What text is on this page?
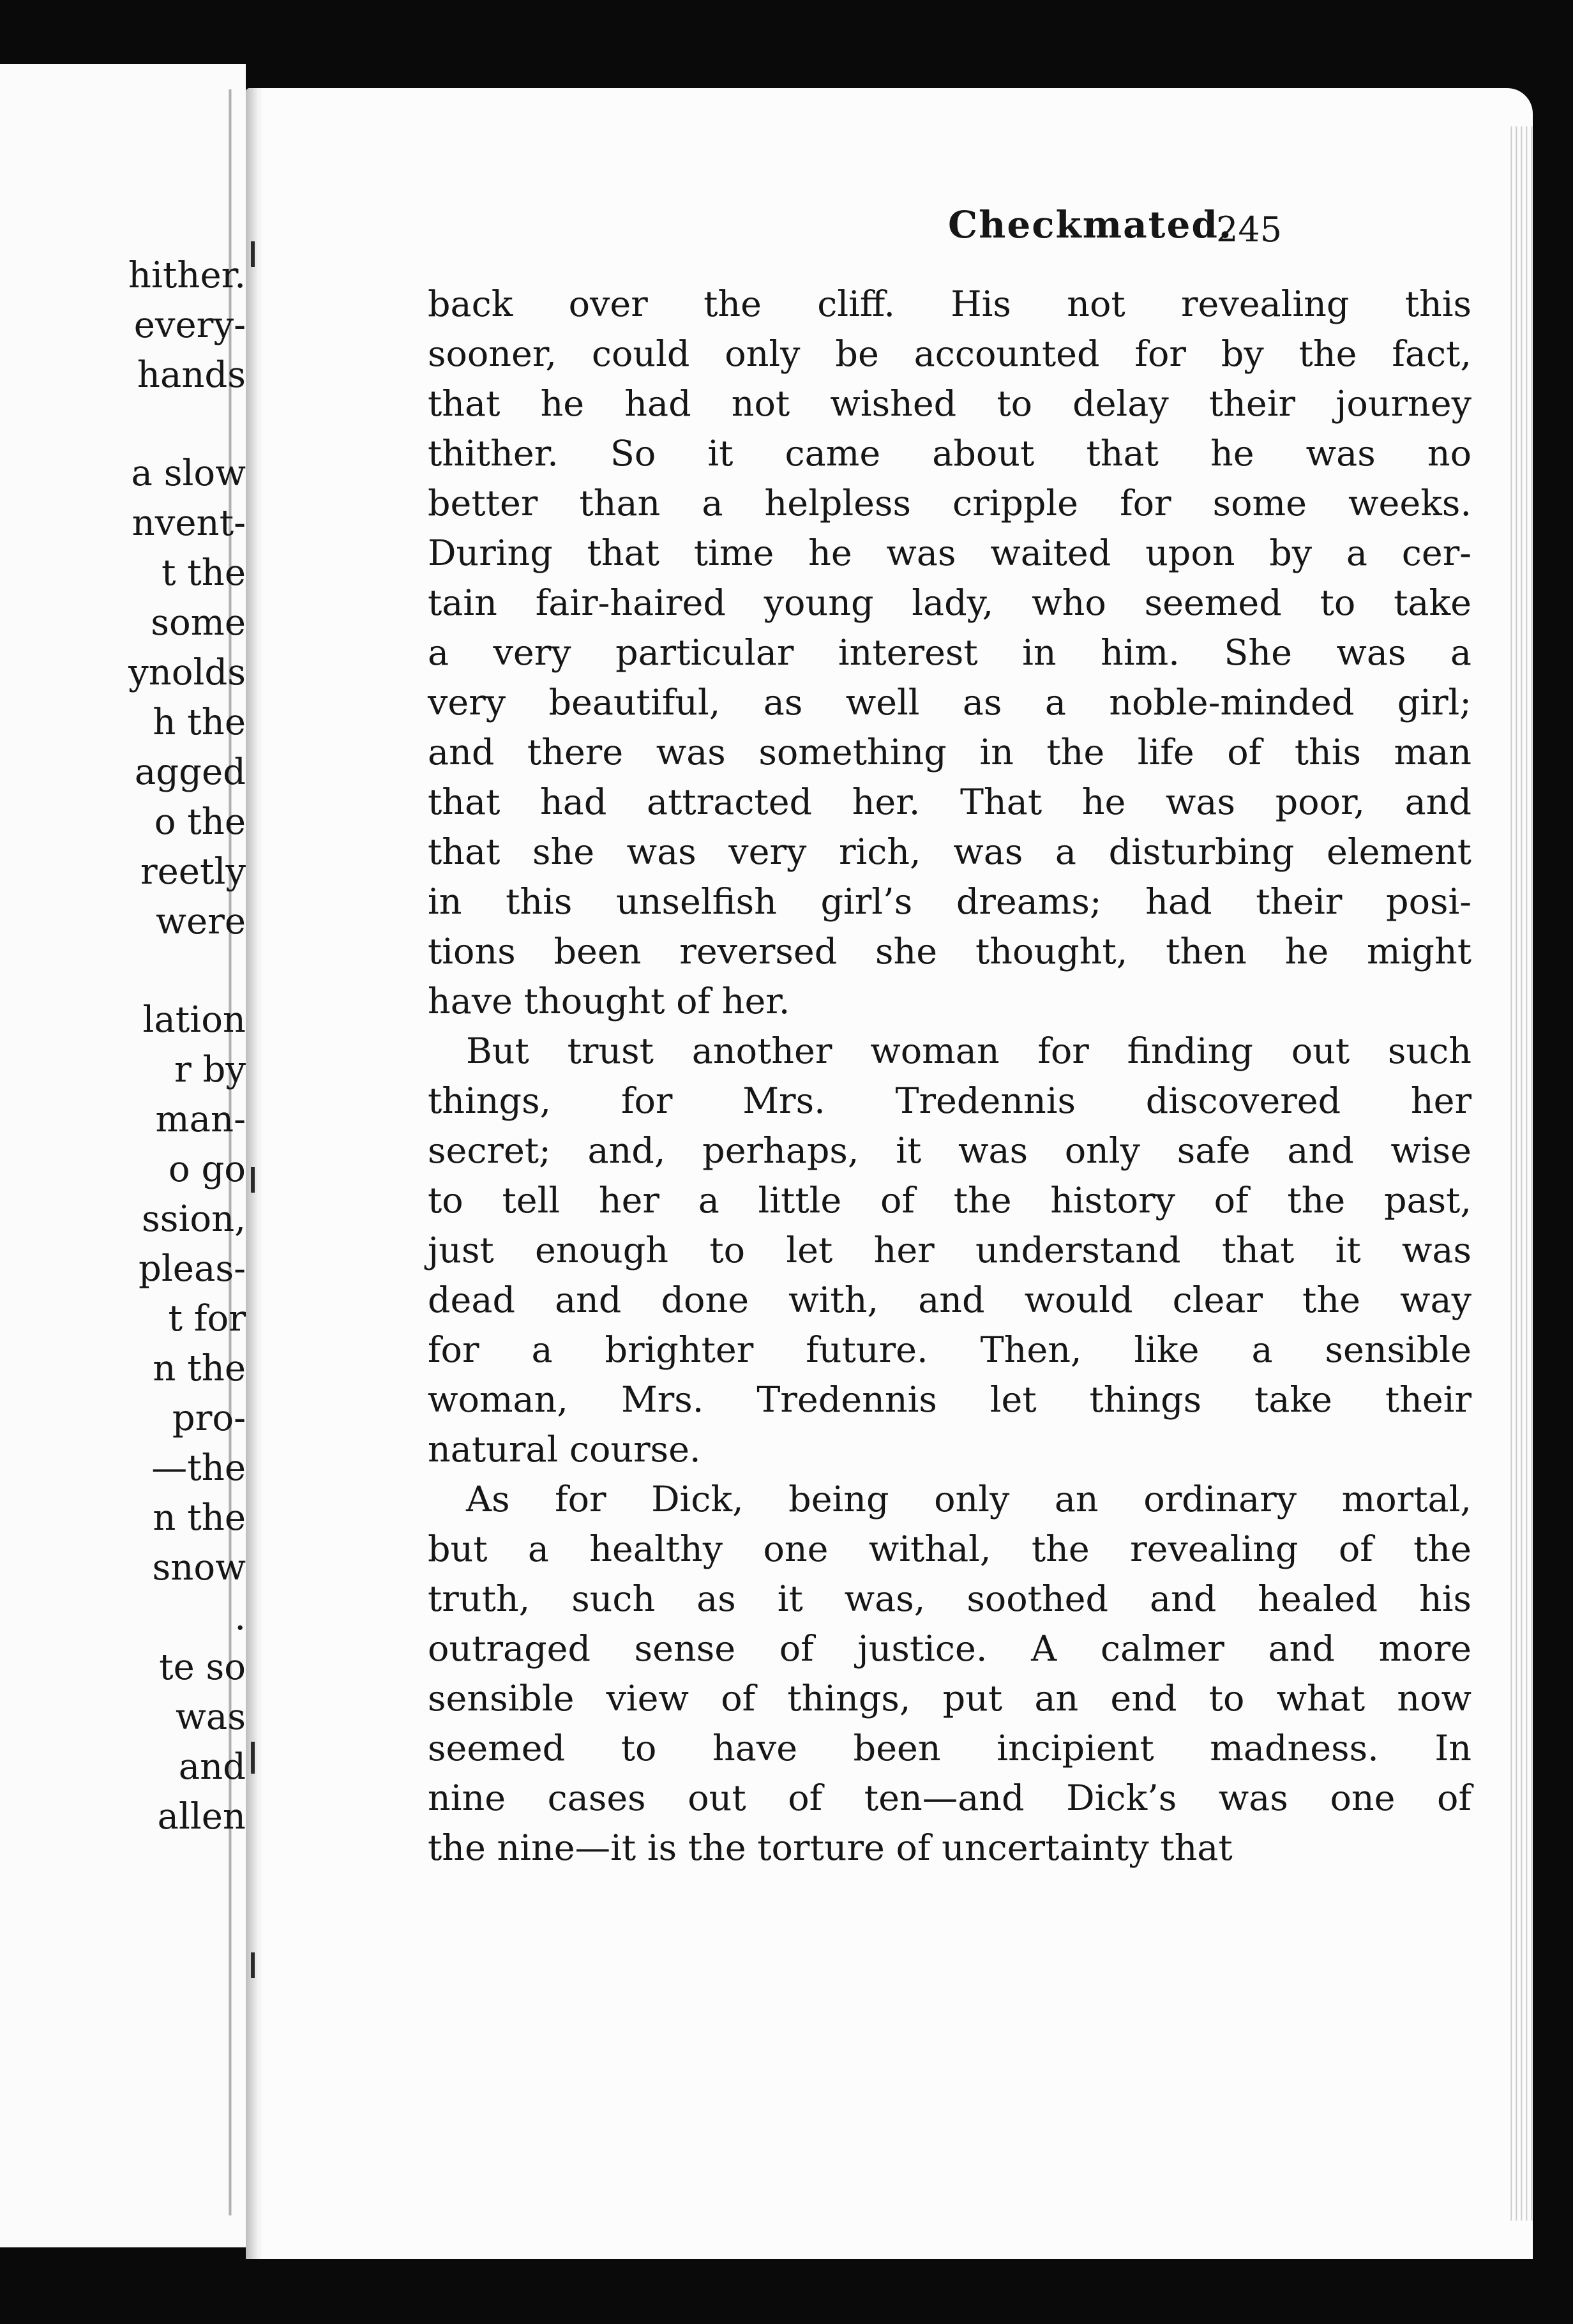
hither.
every-
hands
a slow
nvent-
t the
some
ynolds
h the
agged
o the
reetly
were
lation
r by
man-
o go
ssion,
pleas-
t for
n the
pro-
—the
n the
snow
.
te so
was
and
allen
Checkmated.
245
back over the cliff. His not revealing this
sooner, could only be accounted for by the fact,
that he had not wished to delay their journey
thither. So it came about that he was no
better than a helpless cripple for some weeks.
During that time he was waited upon by a cer-
tain fair-haired young lady, who seemed to take
a very particular interest in him. She was a
very beautiful, as well as a noble-minded girl;
and there was something in the life of this man
that had attracted her. That he was poor, and
that she was very rich, was a disturbing element
in this unselfish girl’s dreams; had their posi-
tions been reversed she thought, then he might
have thought of her.
But trust another woman for finding out such
things, for Mrs. Tredennis discovered her
secret; and, perhaps, it was only safe and wise
to tell her a little of the history of the past,
just enough to let her understand that it was
dead and done with, and would clear the way
for a brighter future. Then, like a sensible
woman, Mrs. Tredennis let things take their
natural course.
As for Dick, being only an ordinary mortal,
but a healthy one withal, the revealing of the
truth, such as it was, soothed and healed his
outraged sense of justice. A calmer and more
sensible view of things, put an end to what now
seemed to have been incipient madness. In
nine cases out of ten—and Dick’s was one of
the nine—it is the torture of uncertainty that
